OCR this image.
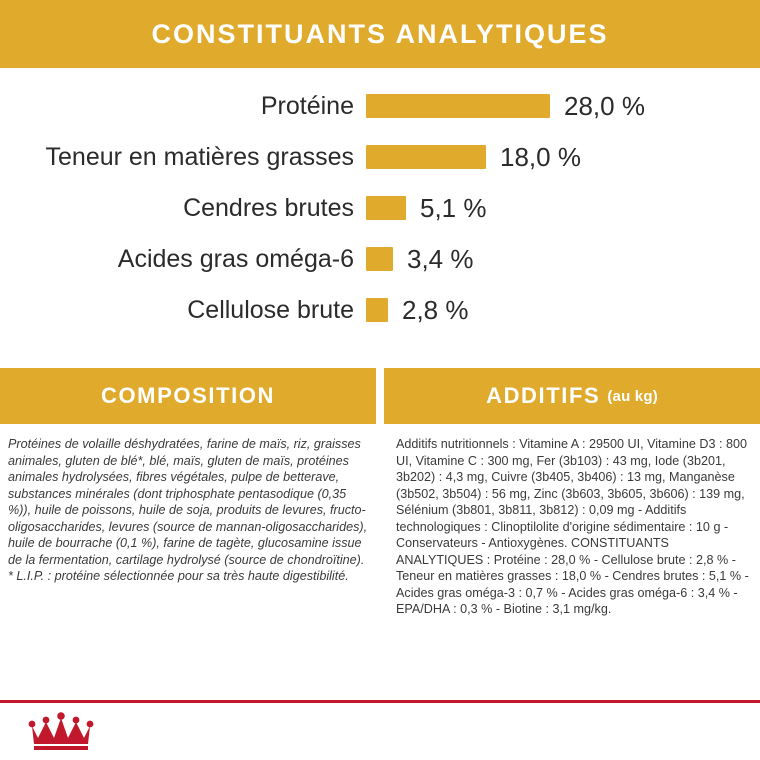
CONSTITUANTS ANALYTIQUES
Protéine	28,0 %
Teneur en matières grasses	18,0 %
Cendres brutes	5,1 %
Acides gras oméga-6	3,4 %
Cellulose brute	2,8 %
COMPOSITION
Protéines de volaille déshydratées, farine de maïs, riz, graisses animales, gluten de blé*, blé, maïs, gluten de maïs, protéines animales hydrolysées, fibres végétales, pulpe de betterave, substances minérales (dont triphosphate pentasodique (0,35 %)), huile de poissons, huile de soja, produits de levures, fructo-oligosaccharides, levures (source de mannan-oligosaccharides), huile de bourrache (0,1 %), farine de tagète, glucosamine issue de la fermentation, cartilage hydrolysé (source de chondroïtine). * L.I.P. : protéine sélectionnée pour sa très haute digestibilité.
ADDITIFS (au kg)
Additifs nutritionnels : Vitamine A : 29500 UI, Vitamine D3 : 800 UI, Vitamine C : 300 mg, Fer (3b103) : 43 mg, Iode (3b201, 3b202) : 4,3 mg, Cuivre (3b405, 3b406) : 13 mg, Manganèse (3b502, 3b504) : 56 mg, Zinc (3b603, 3b605, 3b606) : 139 mg, Sélénium (3b801, 3b811, 3b812) : 0,09 mg - Additifs technologiques : Clinoptilolite d'origine sédimentaire : 10 g - Conservateurs - Antioxygènes. CONSTITUANTS ANALYTIQUES : Protéine : 28,0 % - Cellulose brute : 2,8 % - Teneur en matières grasses : 18,0 % - Cendres brutes : 5,1 % - Acides gras oméga-3 : 0,7 % - Acides gras oméga-6 : 3,4 % - EPA/DHA : 0,3 % - Biotine : 3,1 mg/kg.
